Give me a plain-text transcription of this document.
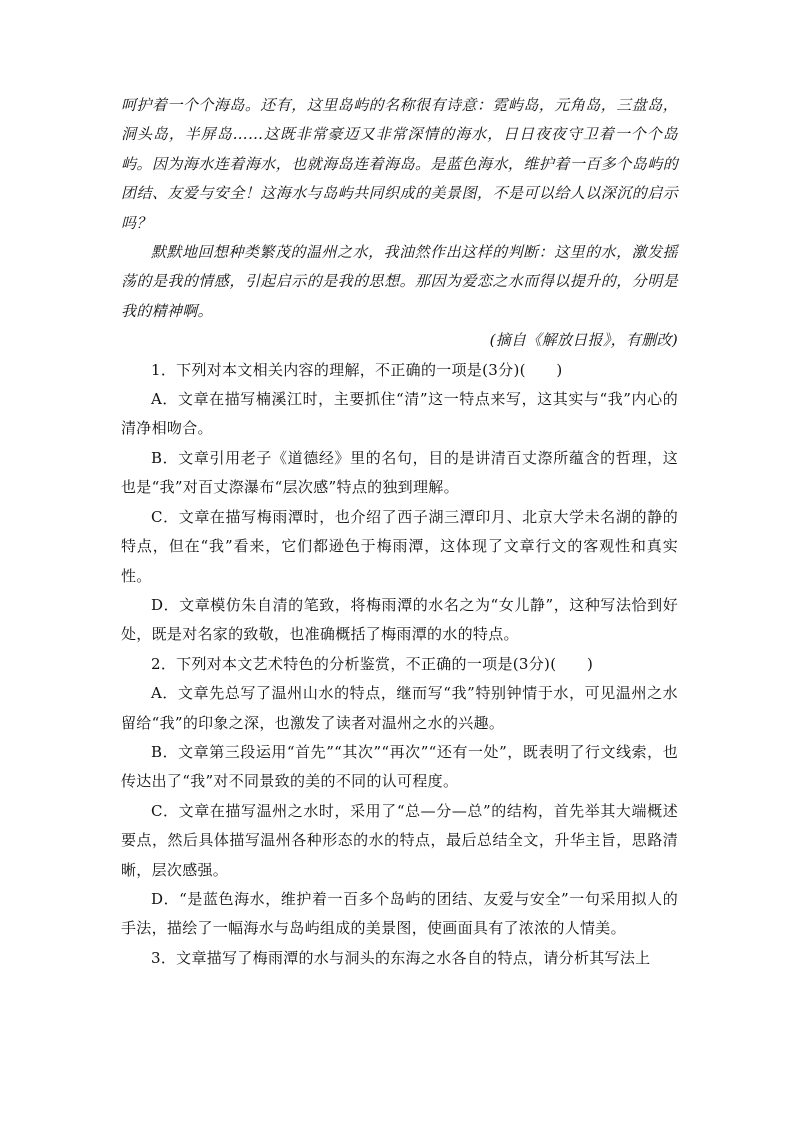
呵护着一个个海岛。还有，这里岛屿的名称很有诗意：霓屿岛，元角岛，三盘岛，洞头岛，半屏岛……这既非常豪迈又非常深情的海水，日日夜夜守卫着一个个岛屿。因为海水连着海水，也就海岛连着海岛。是蓝色海水，维护着一百多个岛屿的团结、友爱与安全！这海水与岛屿共同织成的美景图，不是可以给人以深沉的启示吗？

默默地回想种类繁茂的温州之水，我油然作出这样的判断：这里的水，激发摇荡的是我的情感，引起启示的是我的思想。那因为爱恋之水而得以提升的，分明是我的精神啊。

(摘自《解放日报》，有删改)

1．下列对本文相关内容的理解，不正确的一项是(3分)(　　)

A．文章在描写楠溪江时，主要抓住“清”这一特点来写，这其实与“我”内心的清净相吻合。

B．文章引用老子《道德经》里的名句，目的是讲清百丈漈所蕴含的哲理，这也是“我”对百丈漈瀑布“层次感”特点的独到理解。

C．文章在描写梅雨潭时，也介绍了西子湖三潭印月、北京大学未名湖的静的特点，但在“我”看来，它们都逊色于梅雨潭，这体现了文章行文的客观性和真实性。

D．文章模仿朱自清的笔致，将梅雨潭的水名之为“女儿静”，这种写法恰到好处，既是对名家的致敬，也准确概括了梅雨潭的水的特点。

2．下列对本文艺术特色的分析鉴赏，不正确的一项是(3分)(　　)

A．文章先总写了温州山水的特点，继而写“我”特别钟情于水，可见温州之水留给“我”的印象之深，也激发了读者对温州之水的兴趣。

B．文章第三段运用“首先”“其次”“再次”“还有一处”，既表明了行文线索，也传达出了“我”对不同景致的美的不同的认可程度。

C．文章在描写温州之水时，采用了“总—分—总”的结构，首先举其大端概述要点，然后具体描写温州各种形态的水的特点，最后总结全文，升华主旨，思路清晰，层次感强。

D．“是蓝色海水，维护着一百多个岛屿的团结、友爱与安全”一句采用拟人的手法，描绘了一幅海水与岛屿组成的美景图，使画面具有了浓浓的人情美。

3．文章描写了梅雨潭的水与洞头的东海之水各自的特点，请分析其写法上
